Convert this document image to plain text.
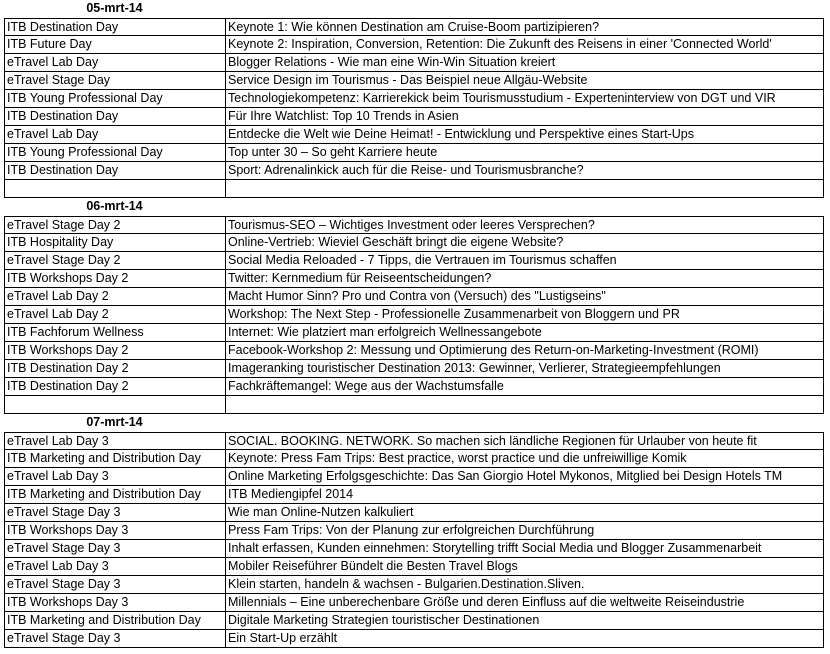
05-mrt-14
ITB Destination Day	Keynote 1: Wie können Destination am Cruise-Boom partizipieren?
ITB Future Day	Keynote 2: Inspiration, Conversion, Retention: Die Zukunft des Reisens in einer 'Connected World'
eTravel Lab Day	Blogger Relations - Wie man eine Win-Win Situation kreiert
eTravel Stage Day	Service Design im Tourismus - Das Beispiel neue Allgäu-Website
ITB Young Professional Day	Technologiekompetenz: Karrierekick beim Tourismusstudium - Experteninterview von DGT und VIR
ITB Destination Day	Für Ihre Watchlist: Top 10 Trends in Asien
eTravel Lab Day	Entdecke die Welt wie Deine Heimat! - Entwicklung und Perspektive eines Start-Ups
ITB Young Professional Day	Top unter 30 – So geht Karriere heute
ITB Destination Day	Sport: Adrenalinkick auch für die Reise- und Tourismusbranche?
06-mrt-14
eTravel Stage Day 2	Tourismus-SEO – Wichtiges Investment oder leeres Versprechen?
ITB Hospitality Day	Online-Vertrieb: Wieviel Geschäft bringt die eigene Website?
eTravel Stage Day 2	Social Media Reloaded - 7 Tipps, die Vertrauen im Tourismus schaffen
ITB Workshops Day 2	Twitter: Kernmedium für Reiseentscheidungen?
eTravel Lab Day 2	Macht Humor Sinn? Pro und Contra von (Versuch) des "Lustigseins"
eTravel Lab Day 2	Workshop: The Next Step - Professionelle Zusammenarbeit von Bloggern und PR
ITB Fachforum Wellness	Internet: Wie platziert man erfolgreich Wellnessangebote
ITB Workshops Day 2	Facebook-Workshop 2: Messung und Optimierung des Return-on-Marketing-Investment (ROMI)
ITB Destination Day 2	Imageranking touristischer Destination 2013: Gewinner, Verlierer, Strategieempfehlungen
ITB Destination Day 2	Fachkräftemangel: Wege aus der Wachstumsfalle
07-mrt-14
eTravel Lab Day 3	SOCIAL. BOOKING. NETWORK. So machen sich ländliche Regionen für Urlauber von heute fit
ITB Marketing and Distribution Day	Keynote: Press Fam Trips: Best practice, worst practice und die unfreiwillige Komik
eTravel Lab Day 3	Online Marketing Erfolgsgeschichte: Das San Giorgio Hotel Mykonos, Mitglied bei Design Hotels TM
ITB Marketing and Distribution Day	ITB Mediengipfel 2014
eTravel Stage Day 3	Wie man Online-Nutzen kalkuliert
ITB Workshops Day 3	Press Fam Trips: Von der Planung zur erfolgreichen Durchführung
eTravel Stage Day 3	Inhalt erfassen, Kunden einnehmen: Storytelling trifft Social Media und Blogger Zusammenarbeit
eTravel Lab Day 3	Mobiler Reiseführer Bündelt die Besten Travel Blogs
eTravel Stage Day 3	Klein starten, handeln & wachsen - Bulgarien.Destination.Sliven.
ITB Workshops Day 3	Millennials – Eine unberechenbare Größe und deren Einfluss auf die weltweite Reiseindustrie
ITB Marketing and Distribution Day	Digitale Marketing Strategien touristischer Destinationen
eTravel Stage Day 3	Ein Start-Up erzählt
